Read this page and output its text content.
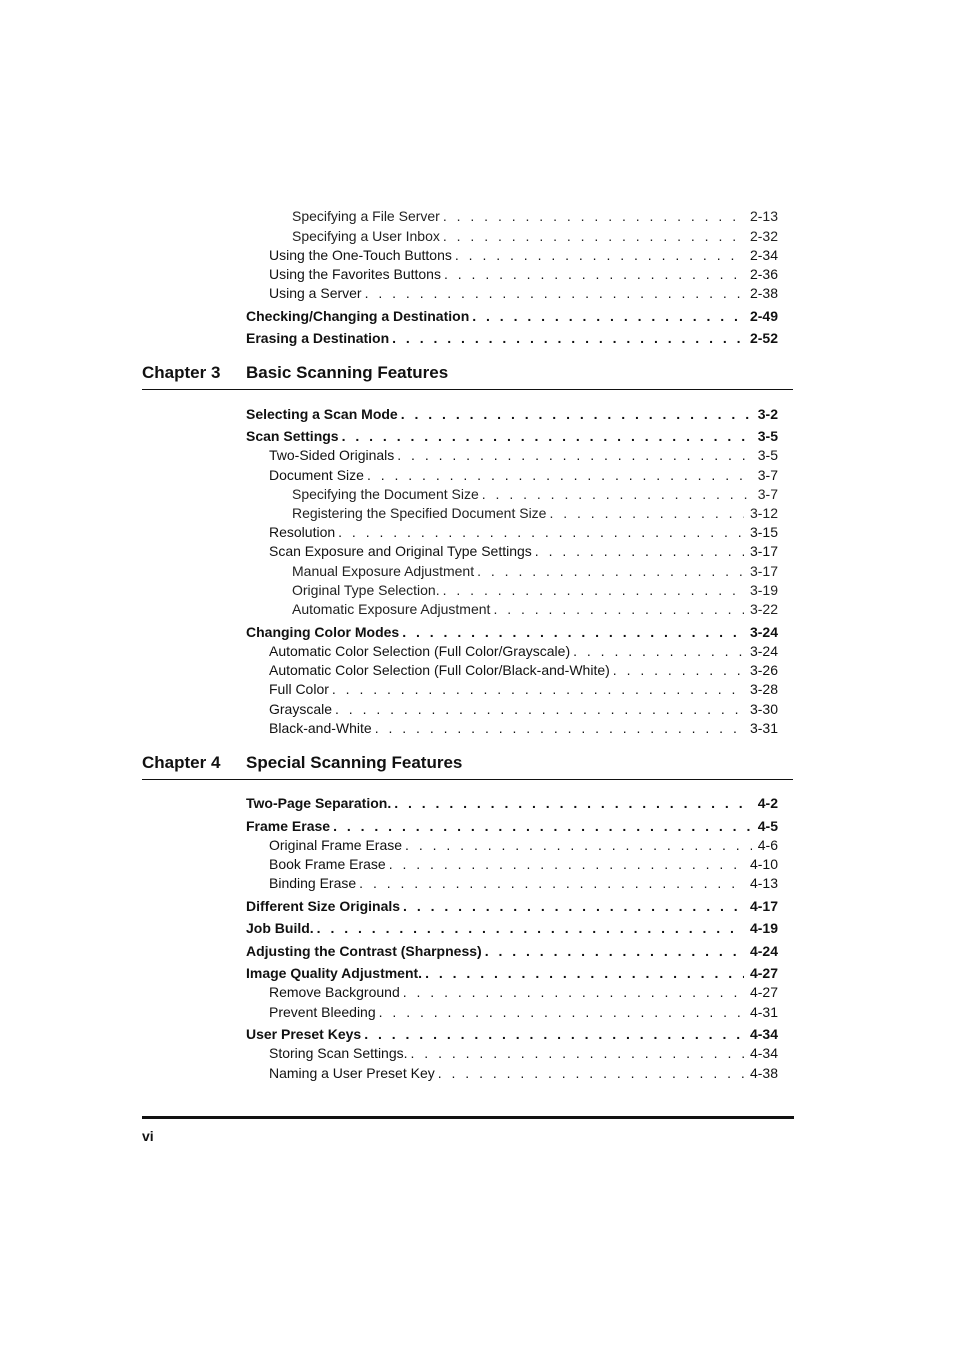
Specifying a File Server . . .	2-13
Specifying a User Inbox . . .	2-32
Using the One-Touch Buttons . . .	2-34
Using the Favorites Buttons . . .	2-36
Using a Server . . .	2-38
Checking/Changing a Destination . . .	2-49
Erasing a Destination . . .	2-52
Chapter 3 Basic Scanning Features
Selecting a Scan Mode . . .	3-2
Scan Settings . . .	3-5
Two-Sided Originals . . .	3-5
Document Size . . .	3-7
Specifying the Document Size . . .	3-7
Registering the Specified Document Size . . .	3-12
Resolution . . .	3-15
Scan Exposure and Original Type Settings . . .	3-17
Manual Exposure Adjustment . . .	3-17
Original Type Selection. . . .	3-19
Automatic Exposure Adjustment . . .	3-22
Changing Color Modes . . .	3-24
Automatic Color Selection (Full Color/Grayscale) . . .	3-24
Automatic Color Selection (Full Color/Black-and-White) . . .	3-26
Full Color . . .	3-28
Grayscale . . .	3-30
Black-and-White . . .	3-31
Chapter 4 Special Scanning Features
Two-Page Separation. . . .	4-2
Frame Erase . . .	4-5
Original Frame Erase . . .	4-6
Book Frame Erase . . .	4-10
Binding Erase . . .	4-13
Different Size Originals . . .	4-17
Job Build. . . .	4-19
Adjusting the Contrast (Sharpness) . . .	4-24
Image Quality Adjustment. . . .	4-27
Remove Background . . .	4-27
Prevent Bleeding . . .	4-31
User Preset Keys . . .	4-34
Storing Scan Settings. . . .	4-34
Naming a User Preset Key . . .	4-38
vi
